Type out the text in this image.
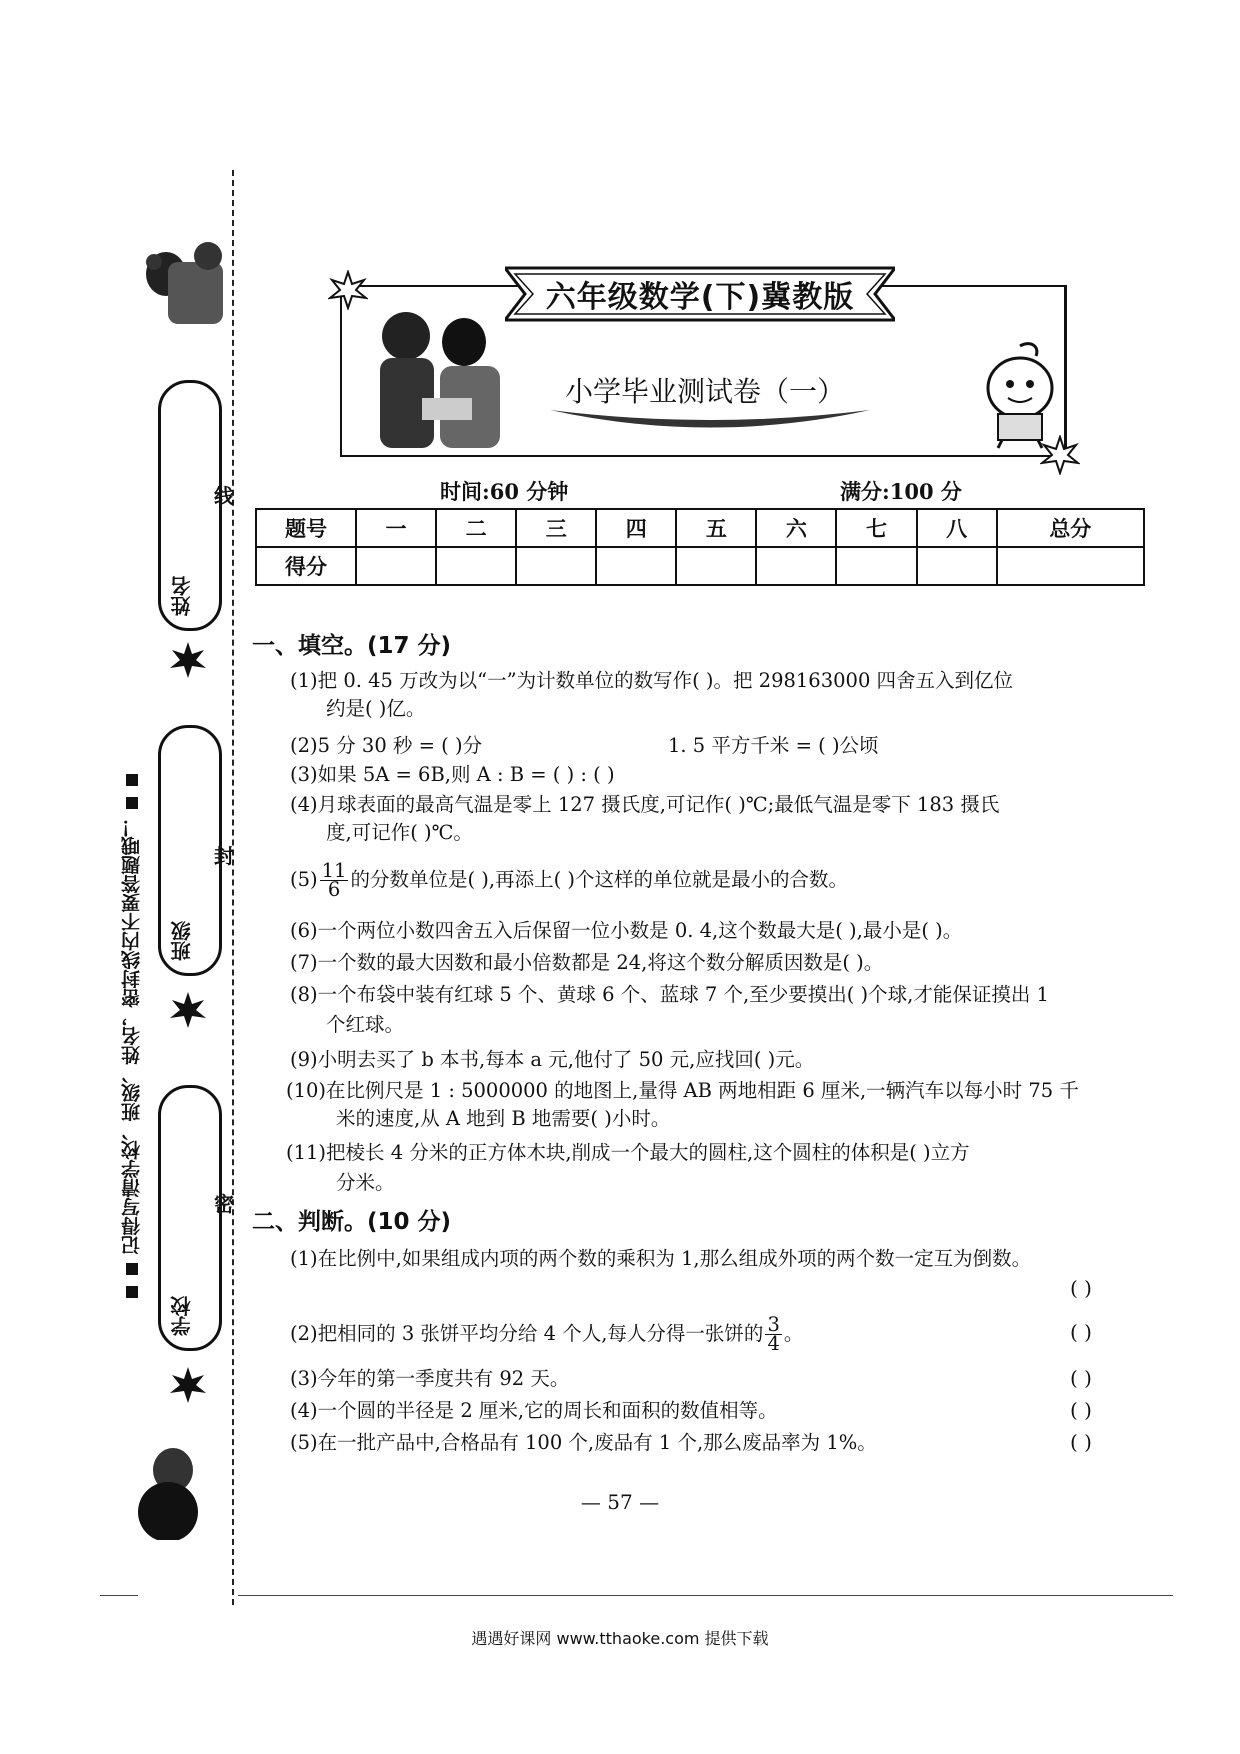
线
封
密
姓名
班级
学校
记得写清学校、班级、姓名，密封线内不要答题哦！
六年级数学(下)冀教版
小学毕业测试卷（一）
时间:60 分钟	满分:100 分
题号	一	二	三	四	五	六	七	八	总分
得分									
一、填空。(17 分)
(1)把 0. 45 万改为以“一”为计数单位的数写作( )。把 298163000 四舍五入到亿位
约是( )亿。
(2)5 分 30 秒 = ( )分	1. 5 平方千米 = ( )公顷
(3)如果 5A = 6B,则 A : B = ( ) : ( )
(4)月球表面的最高气温是零上 127 摄氏度,可记作( )℃;最低气温是零下 183 摄氏
度,可记作( )℃。
$(5) \frac{11}{6}$ 的分数单位是( ),再添上( )个这样的单位就是最小的合数。
(6)一个两位小数四舍五入后保留一位小数是 0. 4,这个数最大是( ),最小是( )。
(7)一个数的最大因数和最小倍数都是 24,将这个数分解质因数是( )。
(8)一个布袋中装有红球 5 个、黄球 6 个、蓝球 7 个,至少要摸出( )个球,才能保证摸出 1
个红球。
(9)小明去买了 b 本书,每本 a 元,他付了 50 元,应找回( )元。
(10)在比例尺是 1 : 5000000 的地图上,量得 AB 两地相距 6 厘米,一辆汽车以每小时 75 千
米的速度,从 A 地到 B 地需要( )小时。
(11)把棱长 4 分米的正方体木块,削成一个最大的圆柱,这个圆柱的体积是( )立方
分米。
二、判断。(10 分)
(1)在比例中,如果组成内项的两个数的乘积为 1,那么组成外项的两个数一定互为倒数。
( )
(2)把相同的 3 张饼平均分给 4 个人,每人分得一张饼的 $\frac{3}{4}$ 。	( )
(3)今年的第一季度共有 92 天。	( )
(4)一个圆的半径是 2 厘米,它的周长和面积的数值相等。	( )
(5)在一批产品中,合格品有 100 个,废品有 1 个,那么废品率为 1%。	( )
— 57 —
遇遇好课网 www.tthaoke.com 提供下载
